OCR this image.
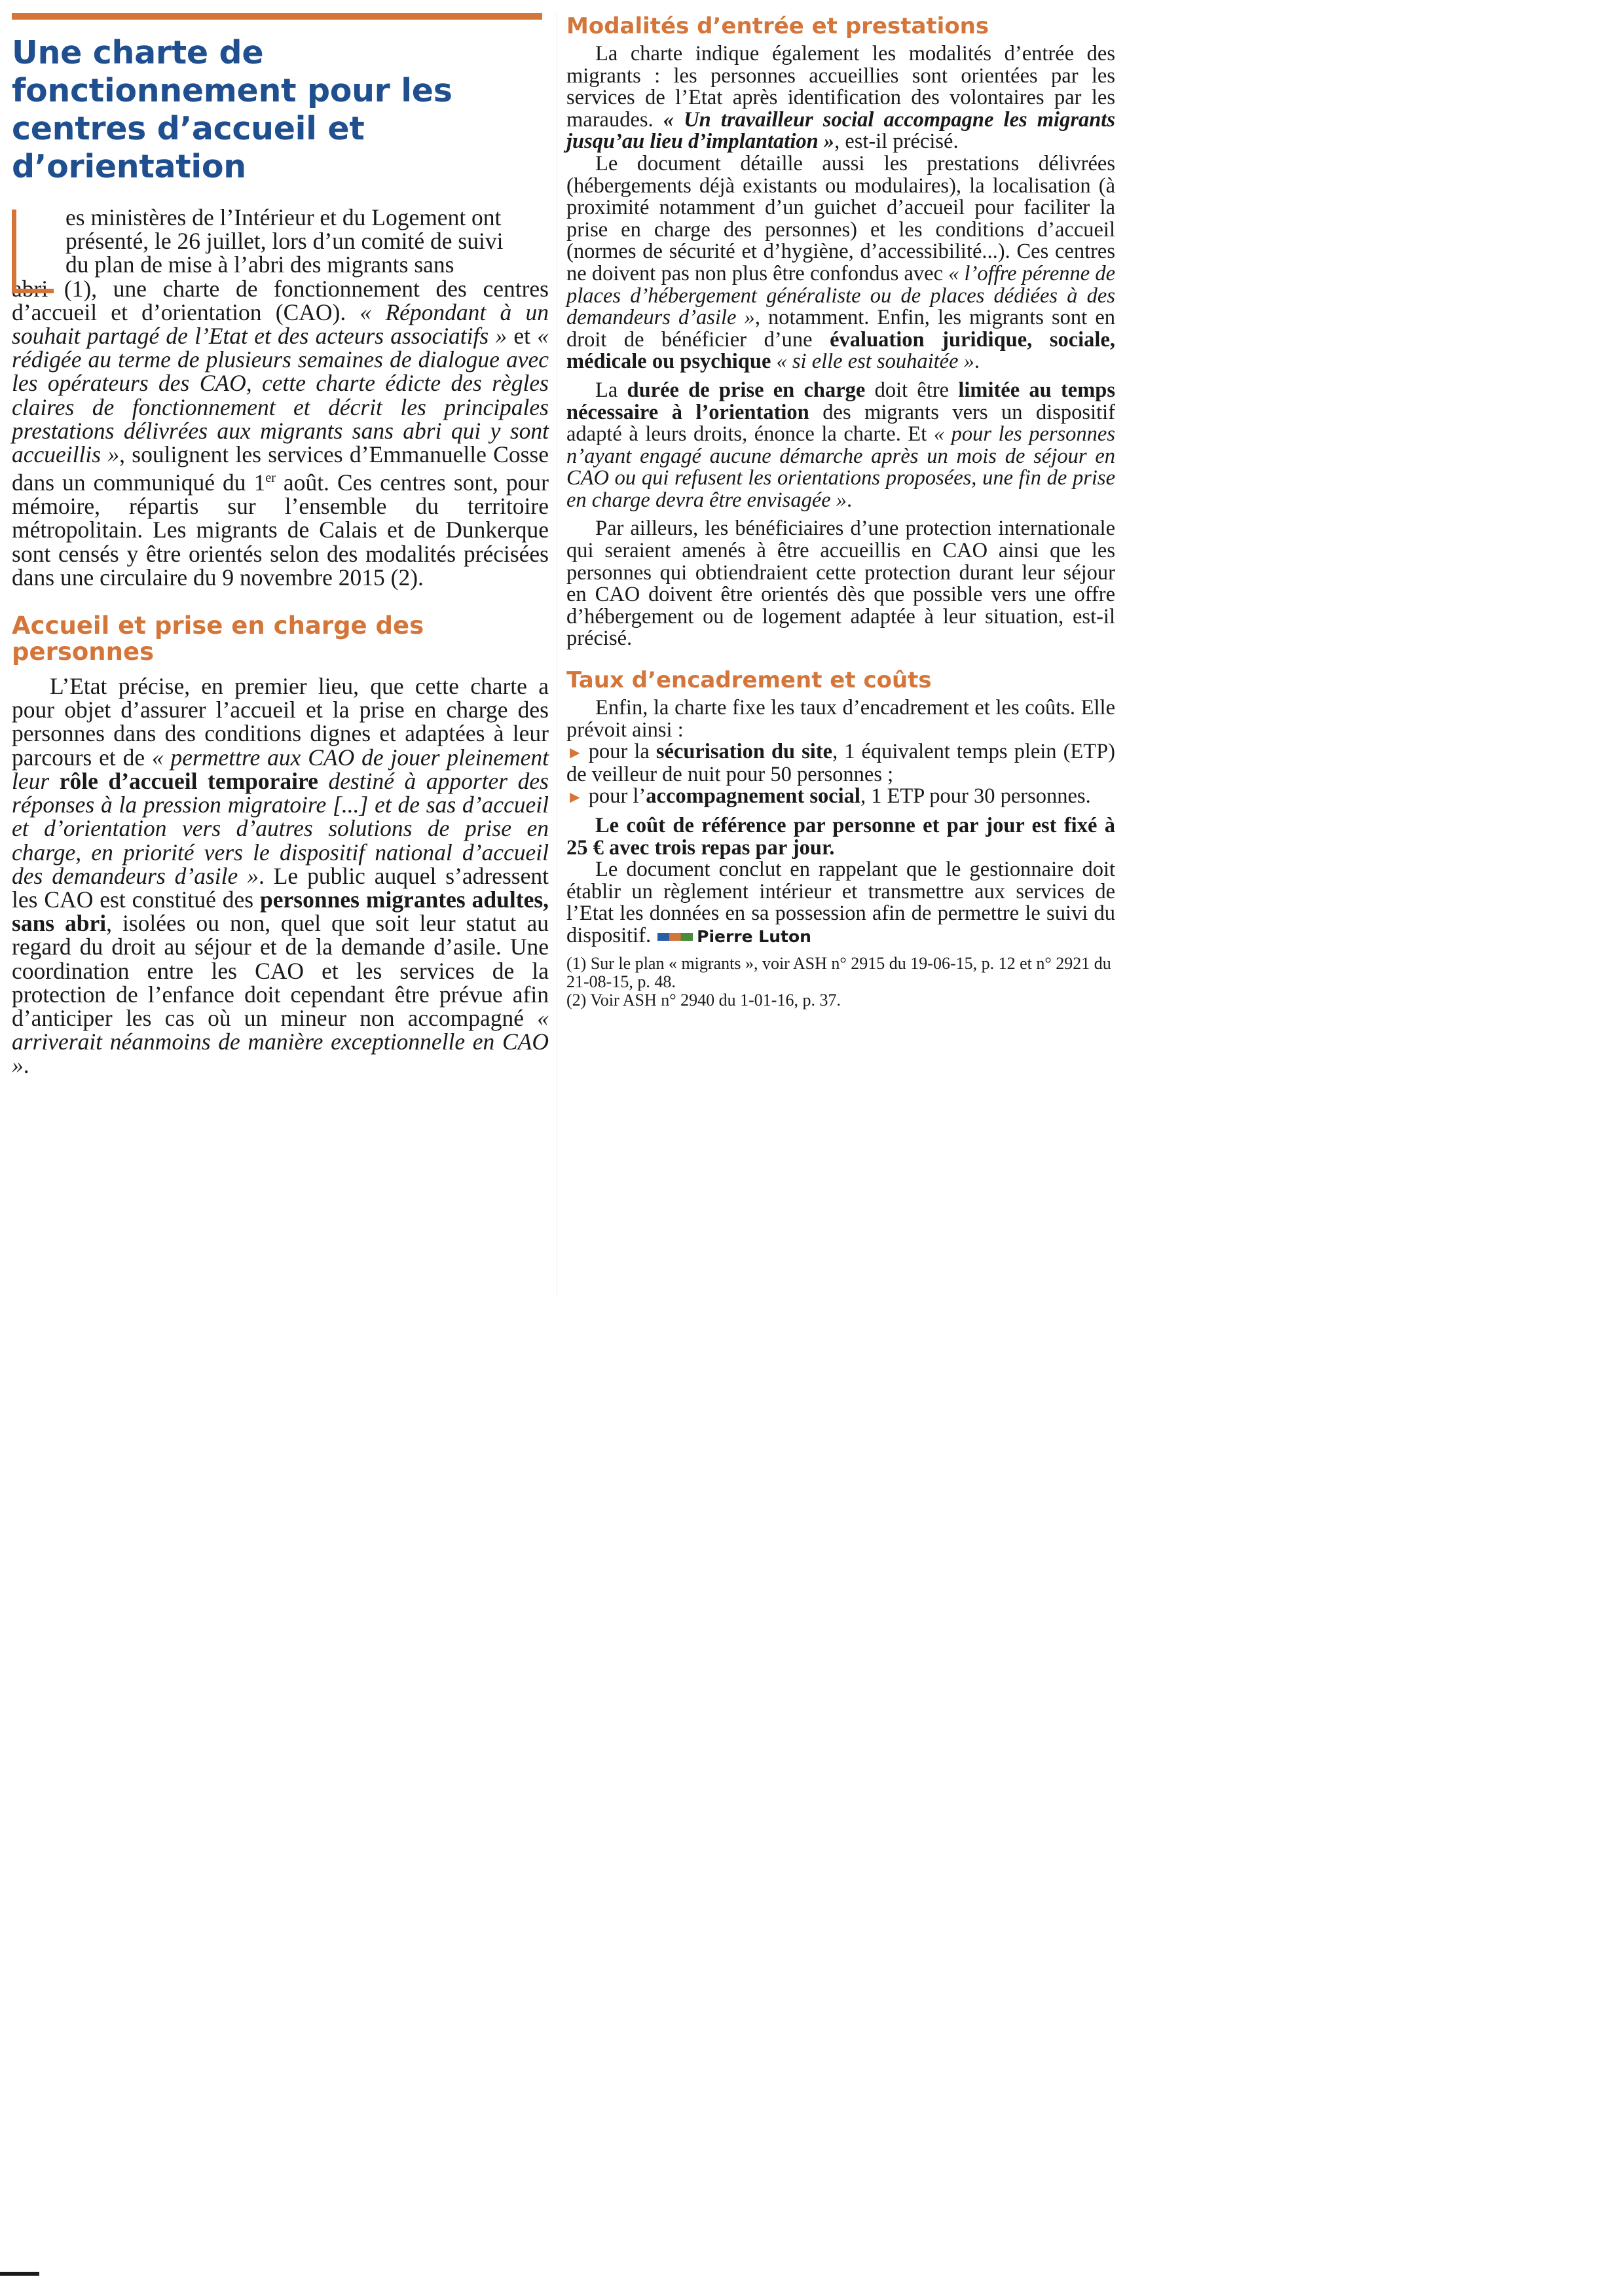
Une charte de fonctionnement pour les centres d’accueil et d’orientation

es ministères de l’Intérieur et du Logement ont

présenté, le 26 juillet, lors d’un comité de suivi

du plan de mise à l’abri des migrants sans

abri (1), une charte de fonctionnement des centres d’accueil et d’orientation (CAO). « Répondant à un souhait partagé de l’Etat et des acteurs associatifs » et « rédigée au terme de plusieurs semaines de dialogue avec les opérateurs des CAO, cette charte édicte des règles claires de fonctionnement et décrit les principales prestations délivrées aux migrants sans abri qui y sont accueillis », soulignent les services d’Emmanuelle Cosse dans un communiqué du 1er août. Ces centres sont, pour mémoire, répartis sur l’ensemble du territoire métropolitain. Les migrants de Calais et de Dunkerque sont censés y être orientés selon des modalités précisées dans une circulaire du 9 novembre 2015 (2).

Accueil et prise en charge des personnes

L’Etat précise, en premier lieu, que cette charte a pour objet d’assurer l’accueil et la prise en charge des personnes dans des conditions dignes et adaptées à leur parcours et de « permettre aux CAO de jouer pleinement leur rôle d’accueil temporaire destiné à apporter des réponses à la pression migratoire [...] et de sas d’accueil et d’orientation vers d’autres solutions de prise en charge, en priorité vers le dispositif national d’accueil des demandeurs d’asile ». Le public auquel s’adressent les CAO est constitué des personnes migrantes adultes, sans abri, isolées ou non, quel que soit leur statut au regard du droit au séjour et de la demande d’asile. Une coordination entre les CAO et les services de la protection de l’enfance doit cependant être prévue afin d’anticiper les cas où un mineur non accompagné « arriverait néanmoins de manière exceptionnelle en CAO ».

Modalités d’entrée et prestations

La charte indique également les modalités d’entrée des migrants : les personnes accueillies sont orientées par les services de l’Etat après identification des volontaires par les maraudes. « Un travailleur social accompagne les migrants jusqu’au lieu d’implantation », est-il précisé.

Le document détaille aussi les prestations délivrées (hébergements déjà existants ou modulaires), la localisation (à proximité notamment d’un guichet d’accueil pour faciliter la prise en charge des personnes) et les conditions d’accueil (normes de sécurité et d’hygiène, d’accessibilité...). Ces centres ne doivent pas non plus être confondus avec « l’offre pérenne de places d’hébergement généraliste ou de places dédiées à des demandeurs d’asile », notamment. Enfin, les migrants sont en droit de bénéficier d’une évaluation juridique, sociale, médicale ou psychique « si elle est souhaitée ».

La durée de prise en charge doit être limitée au temps nécessaire à l’orientation des migrants vers un dispositif adapté à leurs droits, énonce la charte. Et « pour les personnes n’ayant engagé aucune démarche après un mois de séjour en CAO ou qui refusent les orientations proposées, une fin de prise en charge devra être envisagée ».

Par ailleurs, les bénéficiaires d’une protection internationale qui seraient amenés à être accueillis en CAO ainsi que les personnes qui obtiendraient cette protection durant leur séjour en CAO doivent être orientés dès que possible vers une offre d’hébergement ou de logement adaptée à leur situation, est-il précisé.

Taux d’encadrement et coûts

Enfin, la charte fixe les taux d’encadrement et les coûts. Elle prévoit ainsi :

► pour la sécurisation du site, 1 équivalent temps plein (ETP) de veilleur de nuit pour 50 personnes ;

► pour l’accompagnement social, 1 ETP pour 30 personnes.

Le coût de référence par personne et par jour est fixé à 25 € avec trois repas par jour.

Le document conclut en rappelant que le gestionnaire doit établir un règlement intérieur et transmettre aux services de l’Etat les données en sa possession afin de permettre le suivi du dispositif.	Pierre Luton

(1) Sur le plan « migrants », voir ASH n° 2915 du 19-06-15, p. 12 et n° 2921 du 21-08-15, p. 48.

(2) Voir ASH n° 2940 du 1-01-16, p. 37.
